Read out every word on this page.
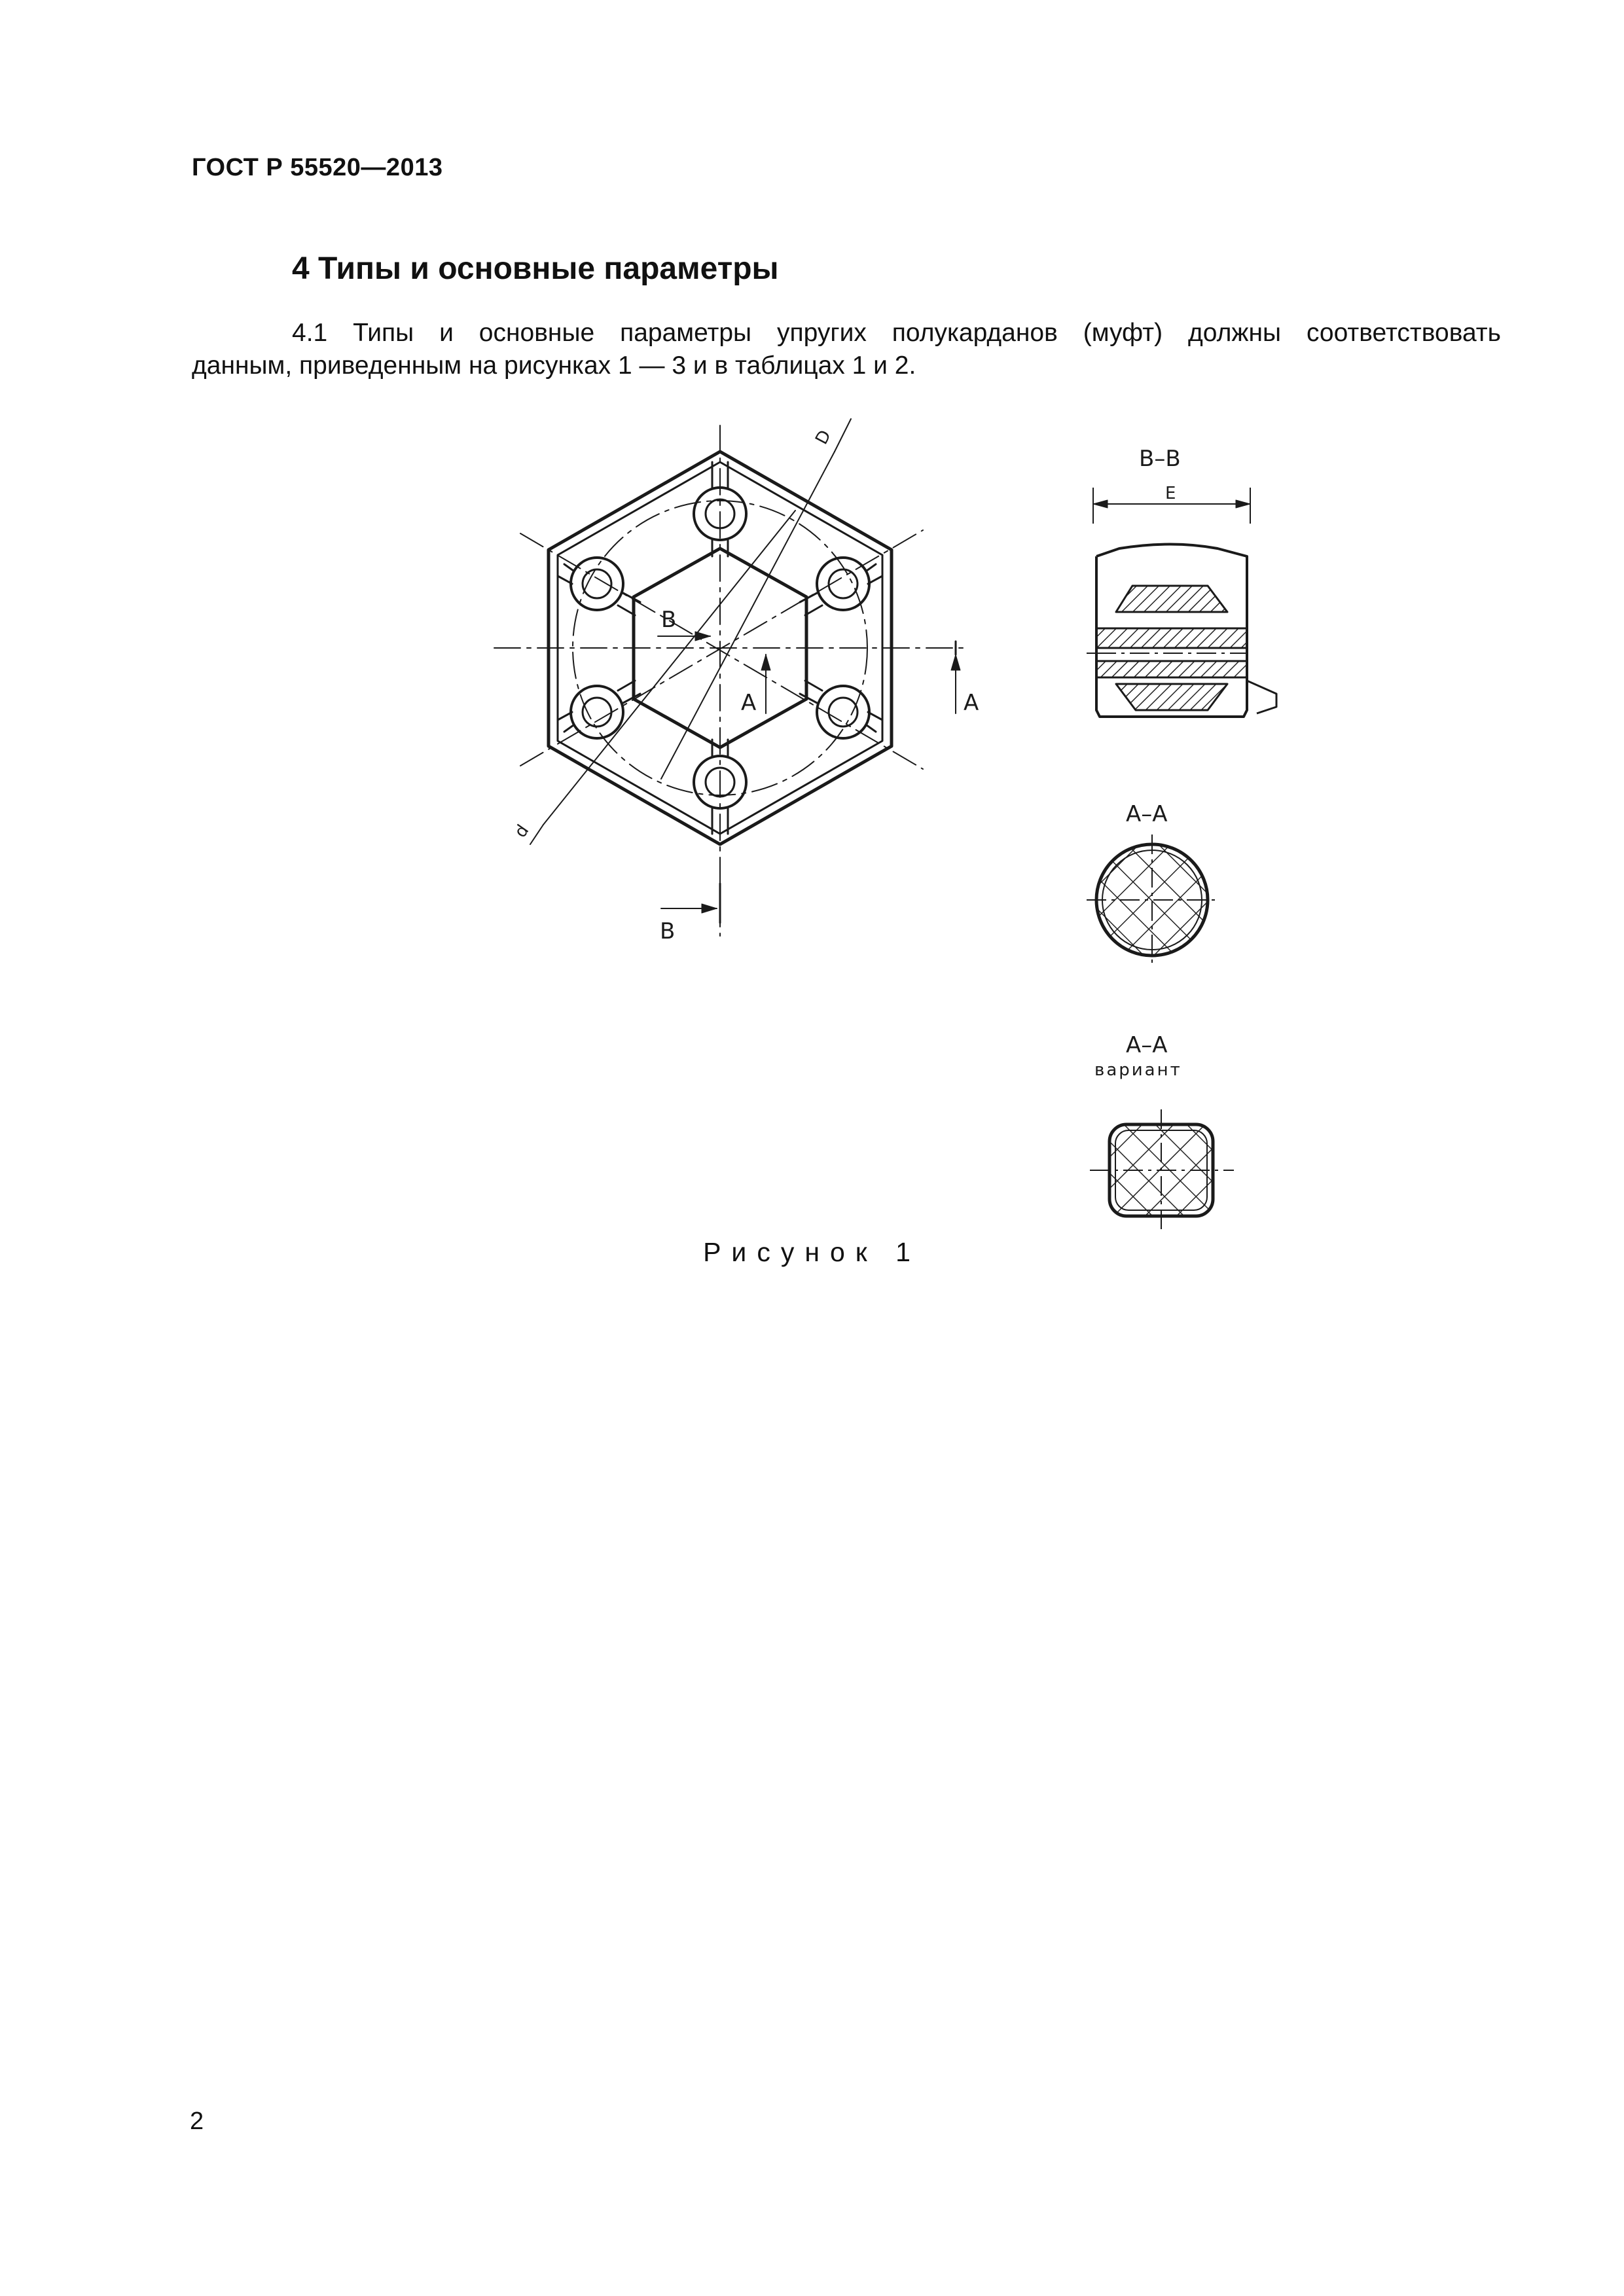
ГОСТ Р 55520—2013
4 Типы и основные параметры
4.1 Типы и основные параметры упругих полукарданов (муфт) должны соответствовать
данным, приведенным на рисунках 1 — 3 и в таблицах 1 и 2.
В
В
А	А
D
d
В–В
Е
А–А
А–А
вариант
Рисунок 1
2
